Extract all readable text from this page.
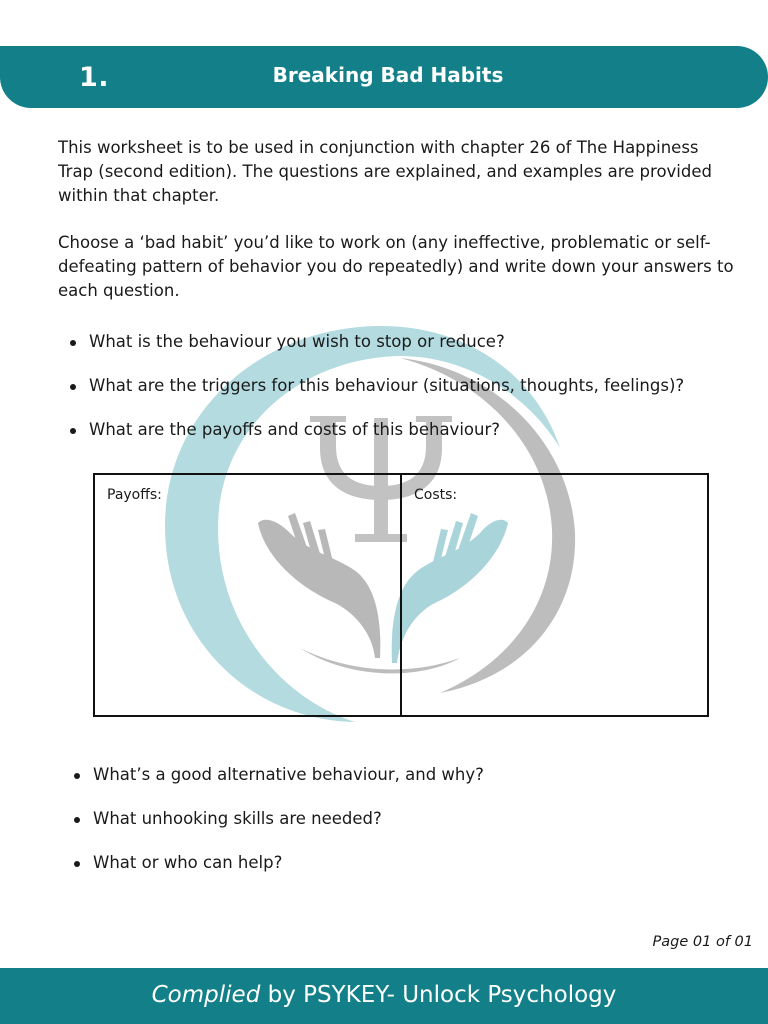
1.	Breaking Bad Habits

This worksheet is to be used in conjunction with chapter 26 of The Happiness Trap (second edition). The questions are explained, and examples are provided within that chapter.

Choose a ‘bad habit’ you’d like to work on (any ineffective, problematic or self-defeating pattern of behavior you do repeatedly) and write down your answers to each question.

What is the behaviour you wish to stop or reduce?
What are the triggers for this behaviour (situations, thoughts, feelings)?
What are the payoffs and costs of this behaviour?
Payoffs:	Costs:
What’s a good alternative behaviour, and why?
What unhooking skills are needed?
What or who can help?
Page 01 of 01
Complied by PSYKEY- Unlock Psychology
